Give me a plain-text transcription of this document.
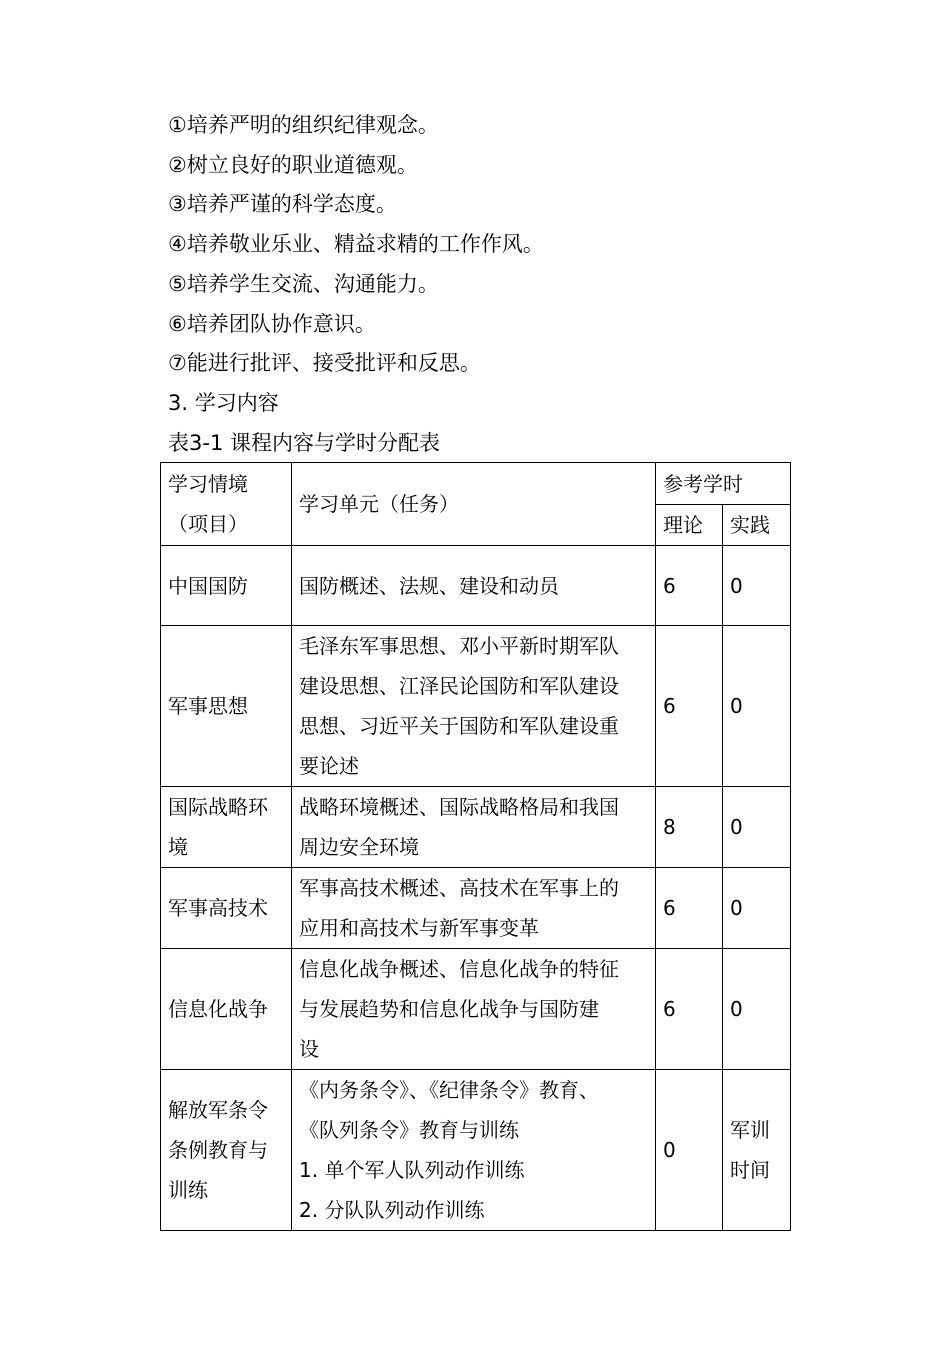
①培养严明的组织纪律观念。
②树立良好的职业道德观。
③培养严谨的科学态度。
④培养敬业乐业、精益求精的工作作风。
⑤培养学生交流、沟通能力。
⑥培养团队协作意识。
⑦能进行批评、接受批评和反思。
3. 学习内容
表3-1 课程内容与学时分配表
学习情境
（项目）	学习单元（任务）	参考学时	
		理论	实践

中国国防	国防概述、法规、建设和动员	6	0

军事思想	毛泽东军事思想、邓小平新时期军队
建设思想、江泽民论国防和军队建设
思想、习近平关于国防和军队建设重
要论述	6	0

国际战略环
境	战略环境概述、国际战略格局和我国
周边安全环境	8	0

军事高技术	军事高技术概述、高技术在军事上的
应用和高技术与新军事变革	6	0

信息化战争	信息化战争概述、信息化战争的特征
与发展趋势和信息化战争与国防建
设	6	0

解放军条令
条例教育与
训练	《内务条令》、《纪律条令》教育、
《队列条令》教育与训练
1. 单个军人队列动作训练
2. 分队队列动作训练	0	军训
时间
